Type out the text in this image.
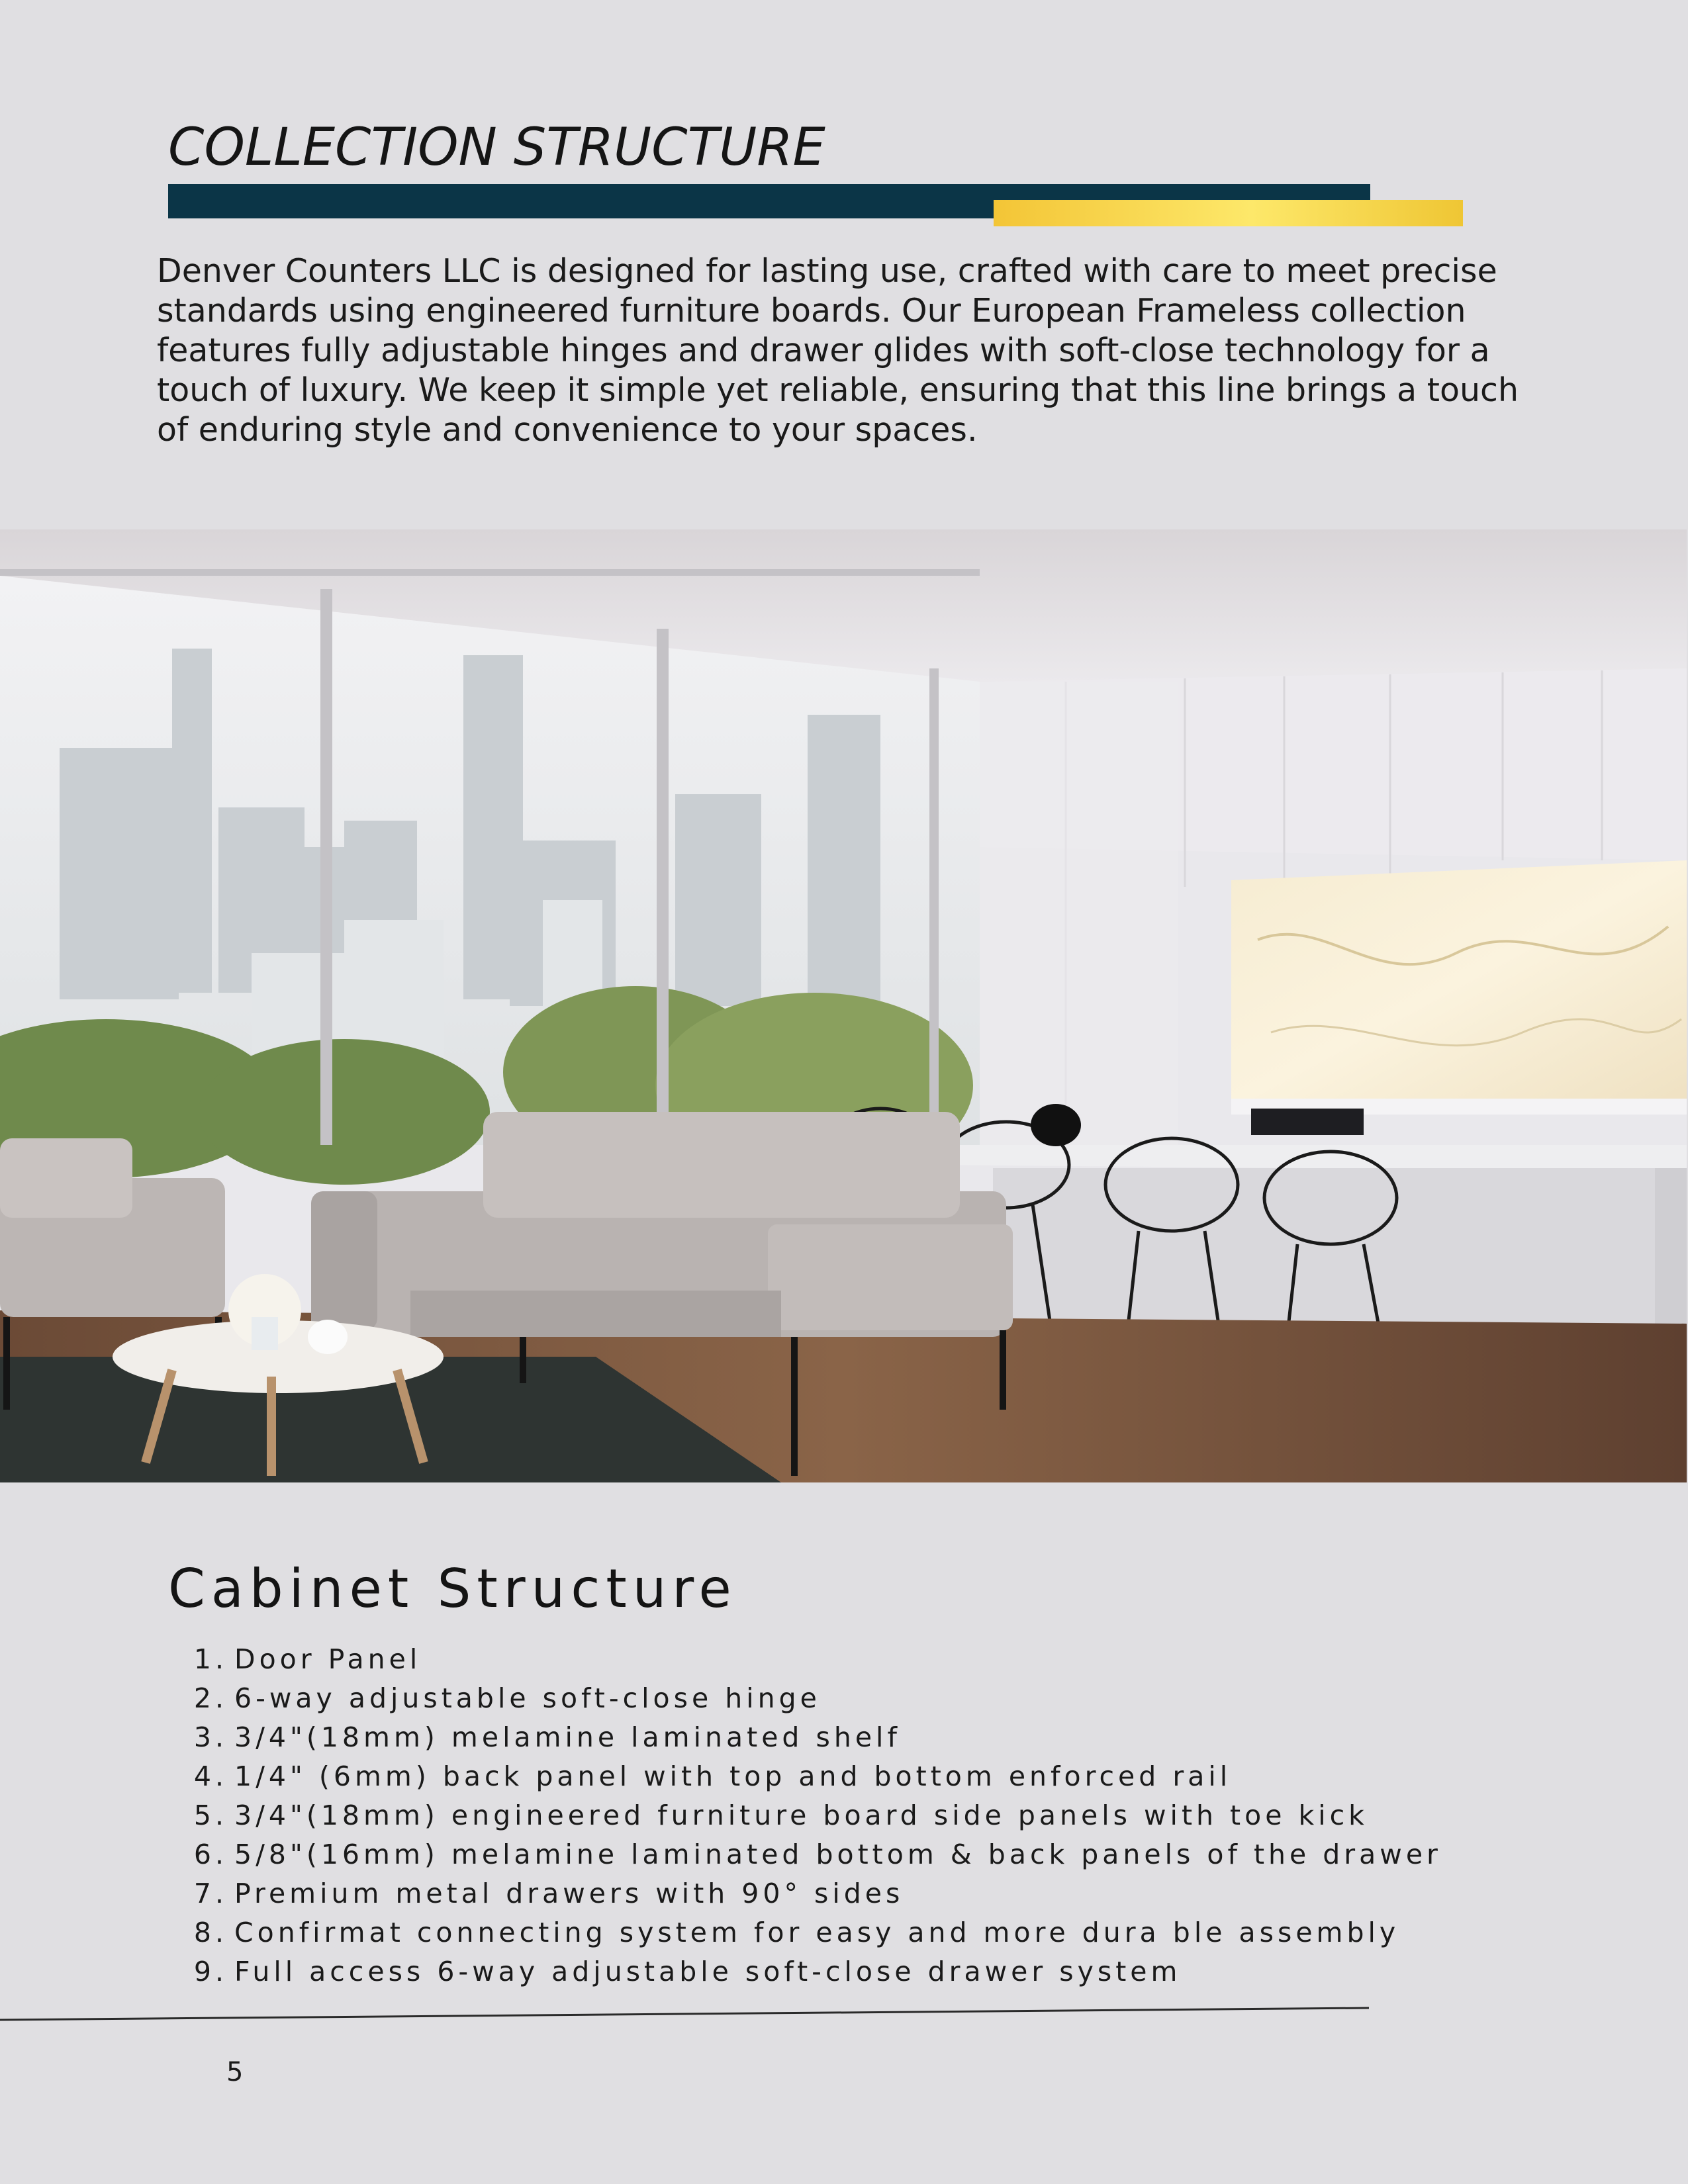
COLLECTION STRUCTURE

Denver Counters LLC is designed for lasting use, crafted with care to meet precise standards using engineered furniture boards. Our European Frameless collection features fully adjustable hinges and drawer glides with soft-close technology for a touch of luxury. We keep it simple yet reliable, ensuring that this line brings a touch of enduring style and convenience to your spaces.

Cabinet Structure
1. Door Panel
2. 6-way adjustable soft-close hinge
3. 3/4"(18mm) melamine laminated shelf
4. 1/4" (6mm) back panel with top and bottom enforced rail
5. 3/4"(18mm) engineered furniture board side panels with toe kick
6. 5/8"(16mm) melamine laminated bottom & back panels of the drawer
7. Premium metal drawers with 90° sides
8. Confirmat connecting system for easy and more dura ble assembly
9. Full access 6-way adjustable soft-close drawer system
5
